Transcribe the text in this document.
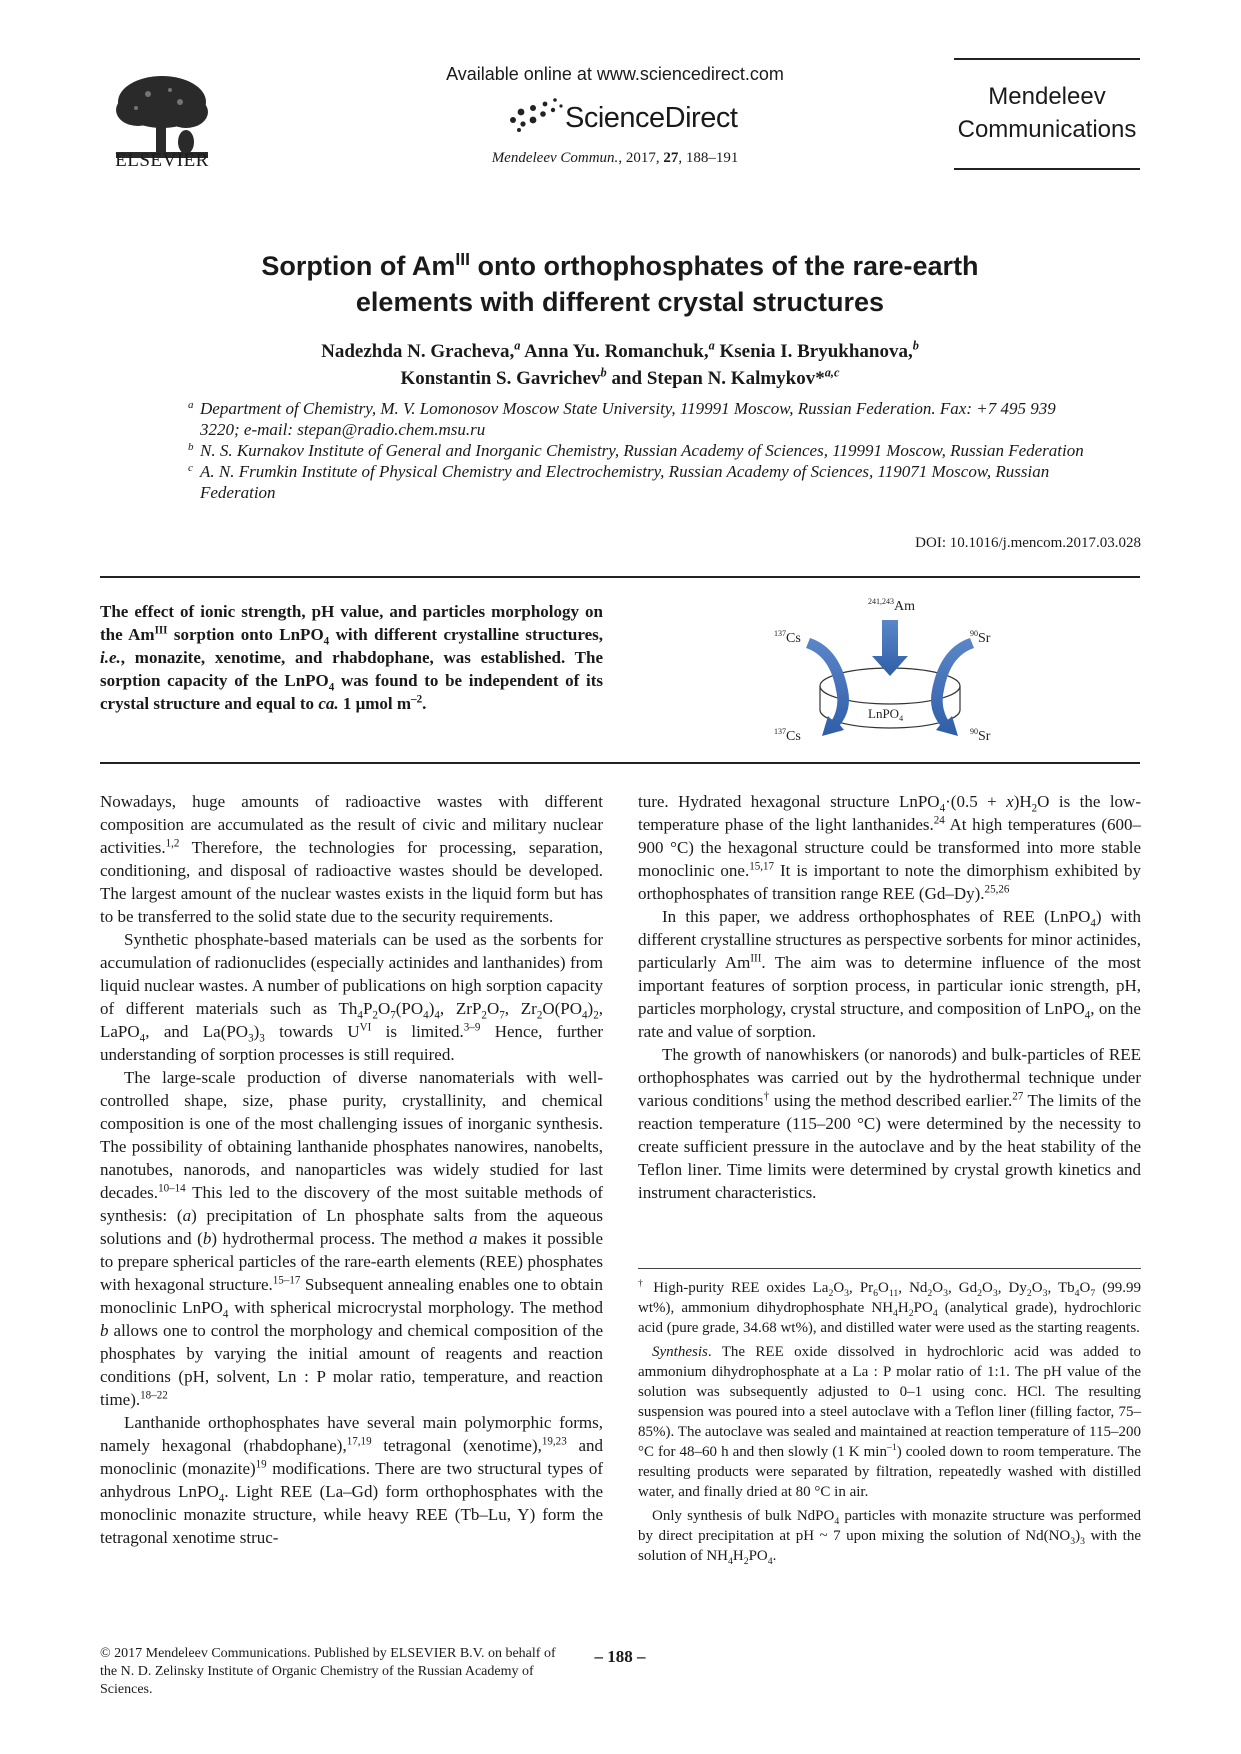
ELSEVIER
Available online at www.sciencedirect.com
ScienceDirect
Mendeleev Commun., 2017, 27, 188–191
Mendeleev
Communications
Sorption of $Am^{III}$ onto orthophosphates of the rare-earth
elements with different crystal structures
Nadezhda N. Gracheva,$^a$ Anna Yu. Romanchuk,$^a$ Ksenia I. Bryukhanova,$^b$
Konstantin S. Gavrichev$^b$ and Stepan N. Kalmykov*$^{a,c}$
a Department of Chemistry, M. V. Lomonosov Moscow State University, 119991 Moscow, Russian Federation. Fax: +7 495 939 3220; e-mail: stepan@radio.chem.msu.ru
b N. S. Kurnakov Institute of General and Inorganic Chemistry, Russian Academy of Sciences, 119991 Moscow, Russian Federation
c A. N. Frumkin Institute of Physical Chemistry and Electrochemistry, Russian Academy of Sciences, 119071 Moscow, Russian Federation
DOI: 10.1016/j.mencom.2017.03.028
The effect of ionic strength, pH value, and particles morphology on the $Am^{III}$ sorption onto LnPO$_4$ with different crystalline structures, i.e., monazite, xenotime, and rhabdophane, was established. The sorption capacity of the LnPO$_4$ was found to be independent of its crystal structure and equal to ca. 1 μmol $m^{-2}$.
$^{241,243}$Am
$^{137}$Cs	$^{90}$Sr
$^{137}$Cs	$^{90}$Sr
LnPO$_4$

Nowadays, huge amounts of radioactive wastes with different composition are accumulated as the result of civic and military nuclear activities.$^{1,2}$ Therefore, the technologies for processing, separation, conditioning, and disposal of radioactive wastes should be developed. The largest amount of the nuclear wastes exists in the liquid form but has to be transferred to the solid state due to the security requirements.

Synthetic phosphate-based materials can be used as the sorbents for accumulation of radionuclides (especially actinides and lanthanides) from liquid nuclear wastes. A number of publications on high sorption capacity of different materials such as $Th_4P_2O_7(PO_4)_4$, $ZrP_2O_7$, $Zr_2O(PO_4)_2$, LaPO$_4$, and $La(PO_3)_3$ towards $U^{VI}$ is limited.$^{3-9}$ Hence, further understanding of sorption processes is still required.

The large-scale production of diverse nanomaterials with well-controlled shape, size, phase purity, crystallinity, and chemical composition is one of the most challenging issues of inorganic synthesis. The possibility of obtaining lanthanide phosphates nanowires, nanobelts, nanotubes, nanorods, and nanoparticles was widely studied for last decades.$^{10-14}$ This led to the discovery of the most suitable methods of synthesis: (a) precipitation of Ln phosphate salts from the aqueous solutions and (b) hydrothermal process. The method a makes it possible to prepare spherical particles of the rare-earth elements (REE) phosphates with hexagonal structure.$^{15-17}$ Subsequent annealing enables one to obtain monoclinic LnPO$_4$ with spherical microcrystal morphology. The method b allows one to control the morphology and chemical composition of the phosphates by varying the initial amount of reagents and reaction conditions (pH, solvent, Ln : P molar ratio, temperature, and reaction time).$^{18-22}$

Lanthanide orthophosphates have several main polymorphic forms, namely hexagonal (rhabdophane),$^{17,19}$ tetragonal (xenotime),$^{19,23}$ and monoclinic (monazite)$^{19}$ modifications. There are two structural types of anhydrous LnPO$_4$. Light REE (La–Gd) form orthophosphates with the monoclinic monazite structure, while heavy REE (Tb–Lu, Y) form the tetragonal xenotime struc-

ture. Hydrated hexagonal structure LnPO$_4$·(0.5 + $x)H_2O$ is the low-temperature phase of the light lanthanides.$^{24}$ At high temperatures (600–900 °C) the hexagonal structure could be transformed into more stable monoclinic one.$^{15,17}$ It is important to note the dimorphism exhibited by orthophosphates of transition range REE (Gd–Dy).$^{25,26}$

In this paper, we address orthophosphates of REE (LnPO$_4$) with different crystalline structures as perspective sorbents for minor actinides, particularly $Am^{III}$. The aim was to determine influence of the most important features of sorption process, in particular ionic strength, pH, particles morphology, crystal structure, and composition of LnPO$_4$, on the rate and value of sorption.

The growth of nanowhiskers (or nanorods) and bulk-particles of REE orthophosphates was carried out by the hydrothermal technique under various conditions† using the method described earlier.$^{27}$ The limits of the reaction temperature (115–200 °C) were determined by the necessity to create sufficient pressure in the autoclave and by the heat stability of the Teflon liner. Time limits were determined by crystal growth kinetics and instrument characteristics.

† High-purity REE oxides $La_2O_3$, $Pr_6O_{11}$, $Nd_2O_3$, $Gd_2O_3$, $Dy_2O_3$, $Tb_4O_7$ (99.99 wt%), ammonium dihydrophosphate $NH_4H_2PO_4$ (analytical grade), hydrochloric acid (pure grade, 34.68 wt%), and distilled water were used as the starting reagents.

Synthesis. The REE oxide dissolved in hydrochloric acid was added to ammonium dihydrophosphate at a La : P molar ratio of 1:1. The pH value of the solution was subsequently adjusted to 0–1 using conc. HCl. The resulting suspension was poured into a steel autoclave with a Teflon liner (filling factor, 75–85%). The autoclave was sealed and maintained at reaction temperature of 115–200 °C for 48–60 h and then slowly (1 K $\min^{-1}$) cooled down to room temperature. The resulting products were separated by filtration, repeatedly washed with distilled water, and finally dried at 80 °C in air.

Only synthesis of bulk NdPO$_4$ particles with monazite structure was performed by direct precipitation at pH ~ 7 upon mixing the solution of $Nd(NO_3)_3$ with the solution of $NH_4H_2PO_4$.

© 2017 Mendeleev Communications. Published by ELSEVIER B.V. on behalf of the N. D. Zelinsky Institute of Organic Chemistry of the Russian Academy of Sciences.
– 188 –
